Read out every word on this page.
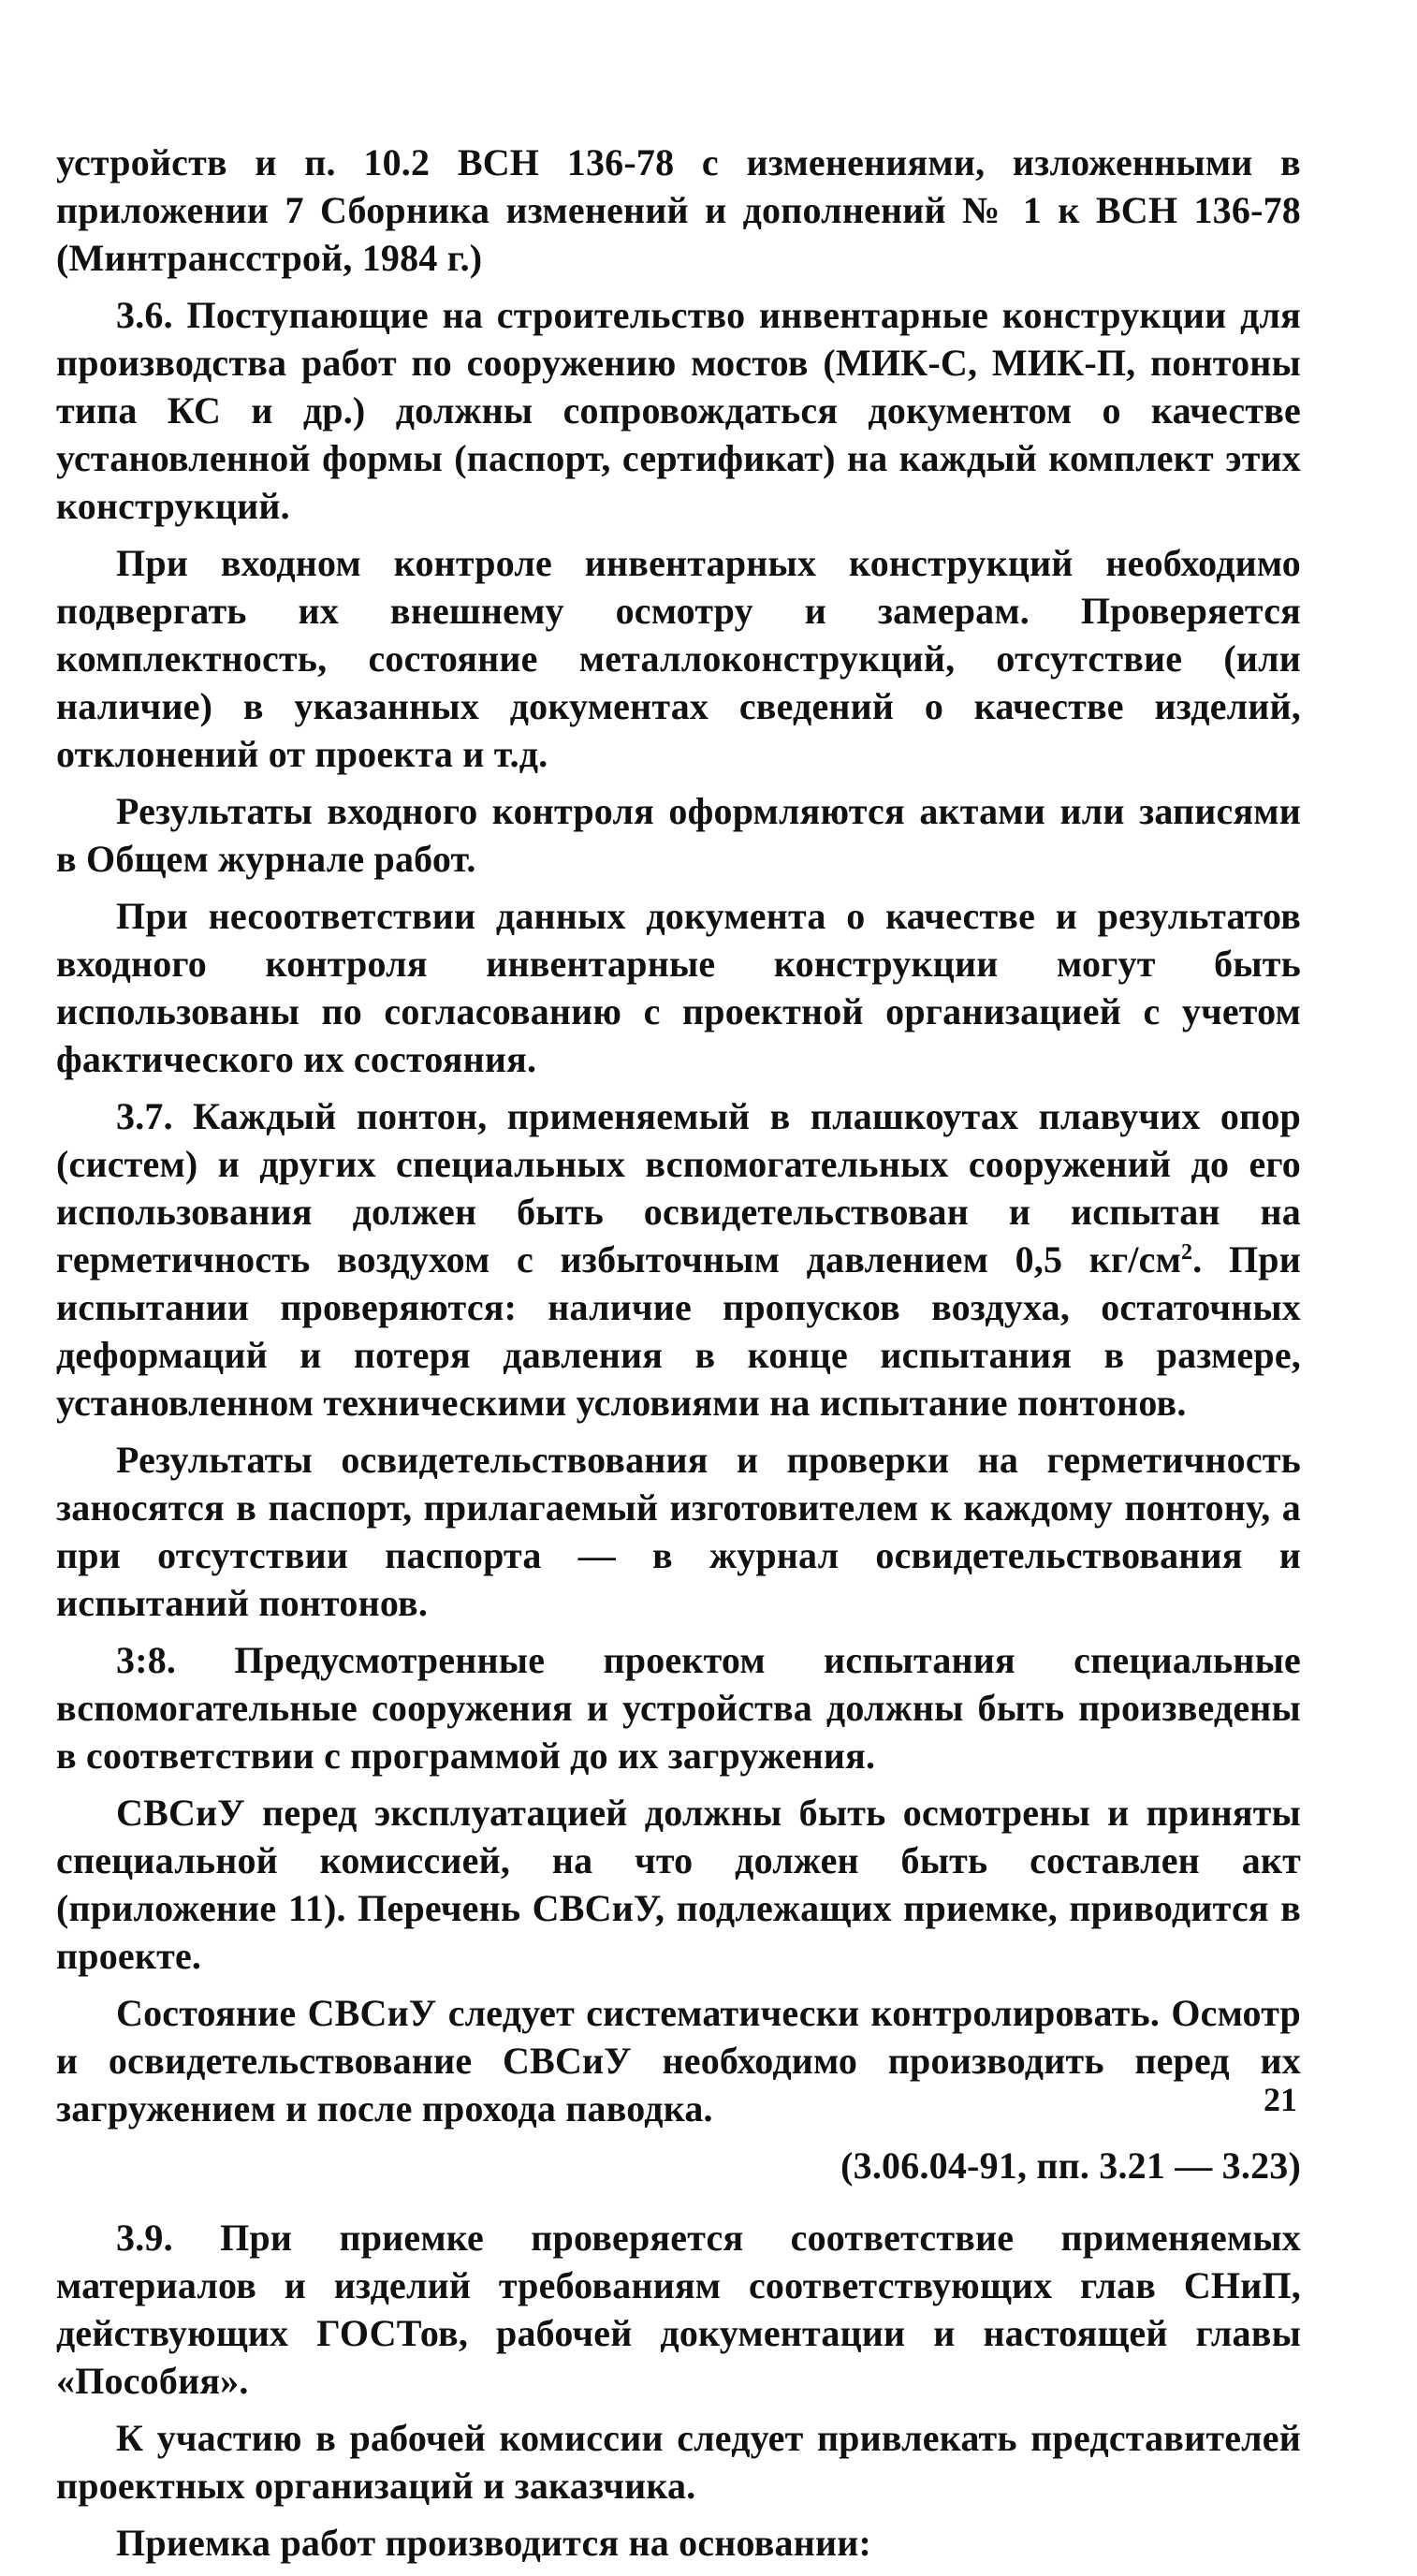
устройств и п. 10.2 ВСН 136-78 с изменениями, изложенными в приложении 7 Сборника изменений и дополнений № 1 к ВСН 136-78 (Минтрансстрой, 1984 г.)

3.6. Поступающие на строительство инвентарные конструкции для производства работ по сооружению мостов (МИК-С, МИК-П, понтоны типа КС и др.) должны сопровождаться документом о качестве установленной формы (паспорт, сертификат) на каждый комплект этих конструкций.

При входном контроле инвентарных конструкций необходимо подвергать их внешнему осмотру и замерам. Проверяется комплектность, состояние металлоконструкций, отсутствие (или наличие) в указанных документах сведений о качестве изделий, отклонений от проекта и т.д.

Результаты входного контроля оформляются актами или записями в Общем журнале работ.

При несоответствии данных документа о качестве и результатов входного контроля инвентарные конструкции могут быть использованы по согласованию с проектной организацией с учетом фактического их состояния.

3.7. Каждый понтон, применяемый в плашкоутах плавучих опор (систем) и других специальных вспомогательных сооружений до его использования должен быть освидетельствован и испытан на герметичность воздухом с избыточным давлением 0,5 $кг/см^2$. При испытании проверяются: наличие пропусков воздуха, остаточных деформаций и потеря давления в конце испытания в размере, установленном техническими условиями на испытание понтонов.

Результаты освидетельствования и проверки на герметичность заносятся в паспорт, прилагаемый изготовителем к каждому понтону, а при отсутствии паспорта — в журнал освидетельствования и испытаний понтонов.

3:8. Предусмотренные проектом испытания специальные вспомогательные сооружения и устройства должны быть произведены в соответствии с программой до их загружения.

СВСиУ перед эксплуатацией должны быть осмотрены и приняты специальной комиссией, на что должен быть составлен акт (приложение 11). Перечень СВСиУ, подлежащих приемке, приводится в проекте.

Состояние СВСиУ следует систематически контролировать. Осмотр и освидетельствование СВСиУ необходимо производить перед их загружением и после прохода паводка.

(3.06.04-91, пп. 3.21 — 3.23)

3.9. При приемке проверяется соответствие применяемых материалов и изделий требованиям соответствующих глав СНиП, действующих ГОСТов, рабочей документации и настоящей главы «Пособия».

К участию в рабочей комиссии следует привлекать представителей проектных организаций и заказчика.

Приемка работ производится на основании:

21
